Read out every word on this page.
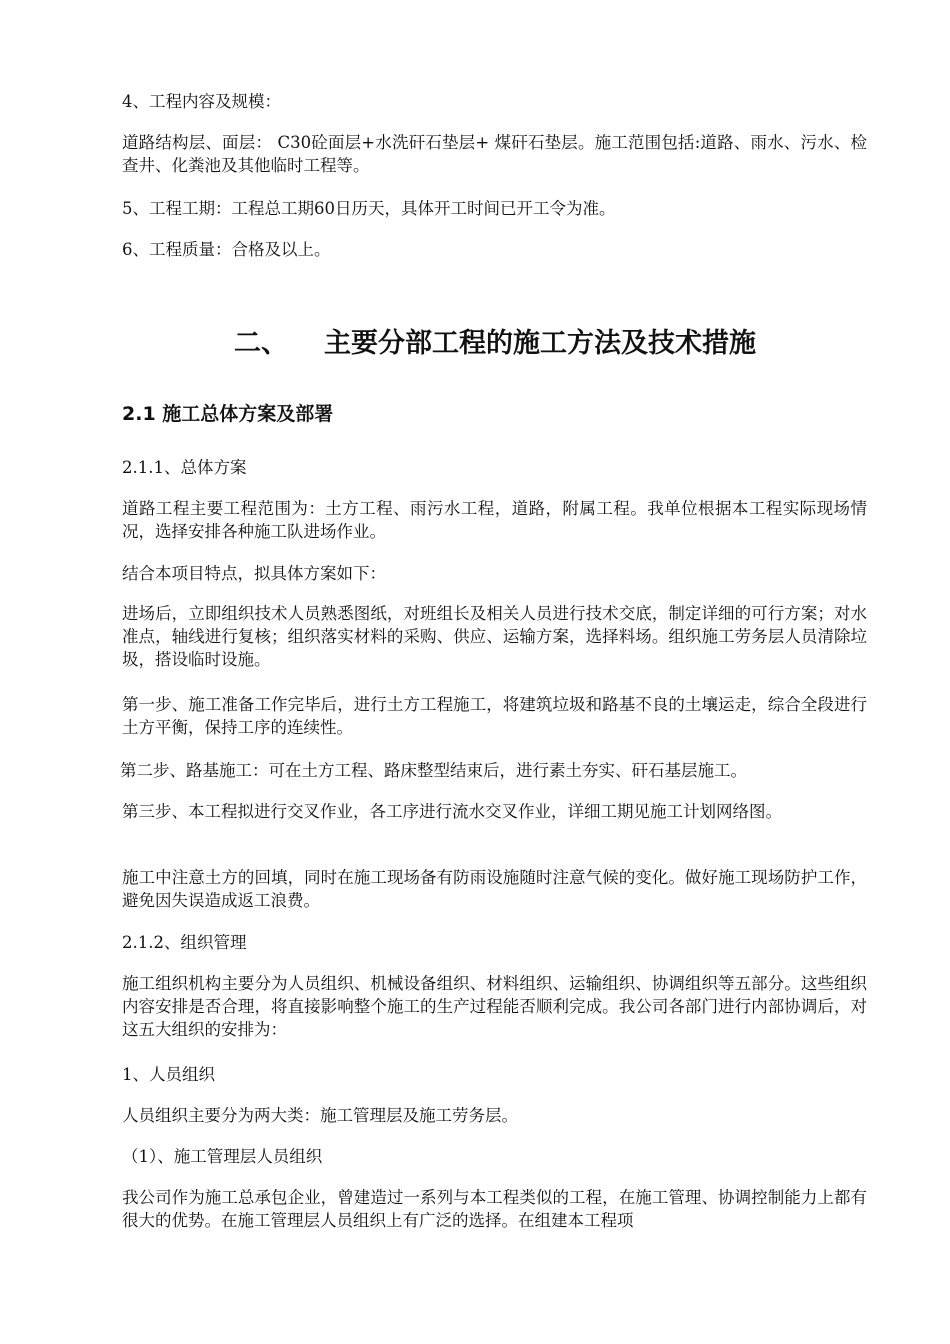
4、工程内容及规模：

道路结构层、面层： C30砼面层+水洗矸石垫层+ 煤矸石垫层。施工范围包括:道路、雨水、污水、检查井、化粪池及其他临时工程等。

5、工程工期：工程总工期60日历天，具体开工时间已开工令为准。

6、工程质量：合格及以上。

二、 主要分部工程的施工方法及技术措施
2.1 施工总体方案及部署

2.1.1、总体方案

道路工程主要工程范围为：土方工程、雨污水工程，道路，附属工程。我单位根据本工程实际现场情况，选择安排各种施工队进场作业。

结合本项目特点，拟具体方案如下：

进场后，立即组织技术人员熟悉图纸，对班组长及相关人员进行技术交底，制定详细的可行方案；对水准点，轴线进行复核；组织落实材料的采购、供应、运输方案，选择料场。组织施工劳务层人员清除垃圾，搭设临时设施。

第一步、施工准备工作完毕后，进行土方工程施工，将建筑垃圾和路基不良的土壤运走，综合全段进行土方平衡，保持工序的连续性。

第二步、路基施工：可在土方工程、路床整型结束后，进行素土夯实、矸石基层施工。

第三步、本工程拟进行交叉作业，各工序进行流水交叉作业，详细工期见施工计划网络图。

施工中注意土方的回填，同时在施工现场备有防雨设施随时注意气候的变化。做好施工现场防护工作，避免因失误造成返工浪费。

2.1.2、组织管理

施工组织机构主要分为人员组织、机械设备组织、材料组织、运输组织、协调组织等五部分。这些组织内容安排是否合理，将直接影响整个施工的生产过程能否顺利完成。我公司各部门进行内部协调后，对这五大组织的安排为：

1、人员组织

人员组织主要分为两大类：施工管理层及施工劳务层。

（1）、施工管理层人员组织

我公司作为施工总承包企业，曾建造过一系列与本工程类似的工程，在施工管理、协调控制能力上都有很大的优势。在施工管理层人员组织上有广泛的选择。在组建本工程项
